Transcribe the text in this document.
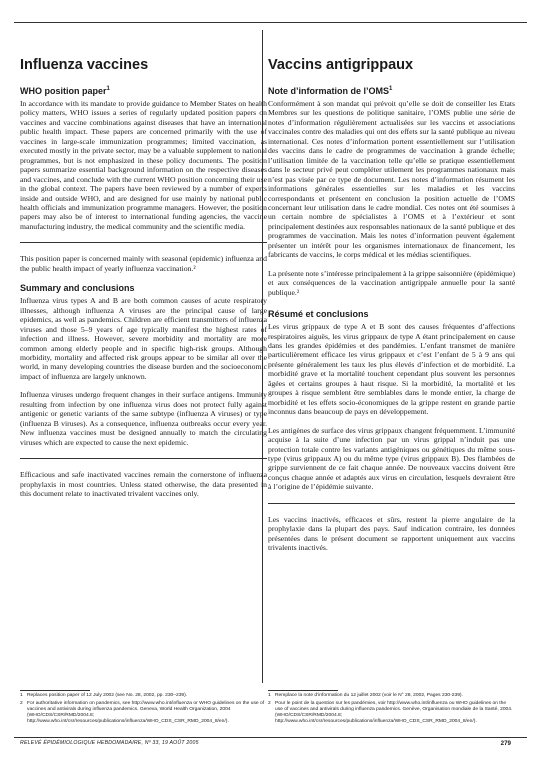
Influenza vaccines
WHO position paper$^1$

In accordance with its mandate to provide guidance to Member States on health policy matters, WHO issues a series of regularly updated position papers on vaccines and vaccine combinations against diseases that have an international public health impact. These papers are concerned primarily with the use of vaccines in large-scale immunization programmes; limited vaccination, as executed mostly in the private sector, may be a valuable supplement to national programmes, but is not emphasized in these policy documents. The position papers summarize essential background information on the respective diseases and vaccines, and conclude with the current WHO position concerning their use in the global context. The papers have been reviewed by a number of experts inside and outside WHO, and are designed for use mainly by national public health officials and immunization programme managers. However, the position papers may also be of interest to international funding agencies, the vaccine manufacturing industry, the medical community and the scientific media.

This position paper is concerned mainly with seasonal (epidemic) influenza and the public health impact of yearly influenza vaccination.²

Summary and conclusions

Influenza virus types A and B are both common causes of acute respiratory illnesses, although influenza A viruses are the principal cause of large epidemics, as well as pandemics. Children are efficient transmitters of influenza viruses and those 5–9 years of age typically manifest the highest rates of infection and illness. However, severe morbidity and mortality are more common among elderly people and in specific high-risk groups. Although morbidity, mortality and affected risk groups appear to be similar all over the world, in many developing countries the disease burden and the socioeconomic impact of influenza are largely unknown.

Influenza viruses undergo frequent changes in their surface antigens. Immunity resulting from infection by one influenza virus does not protect fully against antigenic or genetic variants of the same subtype (influenza A viruses) or type (influenza B viruses). As a consequence, influenza outbreaks occur every year. New influenza vaccines must be designed annually to match the circulating viruses which are expected to cause the next epidemic.

Efficacious and safe inactivated vaccines remain the cornerstone of influenza prophylaxis in most countries. Unless stated otherwise, the data presented in this document relate to inactivated trivalent vaccines only.

Vaccins antigrippaux
Note d’information de l’OMS$^1$

Conformément à son mandat qui prévoit qu’elle se doit de conseiller les Etats Membres sur les questions de politique sanitaire, l’OMS publie une série de notes d’information régulièrement actualisées sur les vaccins et associations vaccinales contre des maladies qui ont des effets sur la santé publique au niveau international. Ces notes d’information portent essentiellement sur l’utilisation des vaccins dans le cadre de programmes de vaccination à grande échelle; l’utilisation limitée de la vaccination telle qu’elle se pratique essentiellement dans le secteur privé peut compléter utilement les programmes nationaux mais n’est pas visée par ce type de document. Les notes d’information résument les informations générales essentielles sur les maladies et les vaccins correspondants et présentent en conclusion la position actuelle de l’OMS concernant leur utilisation dans le cadre mondial. Ces notes ont été soumises à un certain nombre de spécialistes à l’OMS et à l’extérieur et sont principalement destinées aux responsables nationaux de la santé publique et des programmes de vaccination. Mais les notes d’information peuvent également présenter un intérêt pour les organismes internationaux de financement, les fabricants de vaccins, le corps médical et les médias scientifiques.

La présente note s’intéresse principalement à la grippe saisonnière (épidémique) et aux conséquences de la vaccination antigrippale annuelle pour la santé publique.²

Résumé et conclusions

Les virus grippaux de type A et B sont des causes fréquentes d’affections respiratoires aiguës, les virus grippaux de type A étant principalement en cause dans les grandes épidémies et des pandémies. L’enfant transmet de manière particulièrement efficace les virus grippaux et c’est l’enfant de 5 à 9 ans qui présente généralement les taux les plus élevés d’infection et de morbidité. La morbidité grave et la mortalité touchent cependant plus souvent les personnes âgées et certains groupes à haut risque. Si la morbidité, la mortalité et les groupes à risque semblent être semblables dans le monde entier, la charge de morbidité et les effets socio-économiques de la grippe restent en grande partie inconnus dans beaucoup de pays en développement.

Les antigènes de surface des virus grippaux changent fréquemment. L’immunité acquise à la suite d’une infection par un virus grippal n’induit pas une protection totale contre les variants antigéniques ou génétiques du même sous-type (virus grippaux A) ou du même type (virus grippaux B). Des flambées de grippe surviennent de ce fait chaque année. De nouveaux vaccins doivent être conçus chaque année et adaptés aux virus en circulation, lesquels devraient être à l’origine de l’épidémie suivante.

Les vaccins inactivés, efficaces et sûrs, restent la pierre angulaire de la prophylaxie dans la plupart des pays. Sauf indication contraire, les données présentées dans le présent document se rapportent uniquement aux vaccins trivalents inactivés.

1 Replaces position paper of 12 July 2002 (see No. 28, 2002, pp. 230–239).
2 For authoritative information on pandemics, see http://www.who.int/influenza or WHO guidelines on the use of vaccines and antivirals during influenza pandemics. Geneva, World Health Organization, 2004 (WHO/CDS/CSR/RMD/2004.8; http://www.who.int/csr/resources/publications/influenza/WHO_CDS_CSR_RMD_2004_8/en/).
1 Remplace la note d’information du 12 juillet 2002 (voir le N° 28, 2002, Pages 230-239).
2 Pour le point de la question sur les pandémies, voir http://www.who.int/influenza ou WHO guidelines on the use of vaccines and antivirals during influenza pandemics. Genève, Organisation mondiale de la Santé, 2004. (WHO/CDS/CSR/RMD/2004.8; http://www.who.int/csr/resources/publications/influenza/WHO_CDS_CSR_RMD_2004_8/en/).
RELEVÉ ÉPIDÉMIOLOGIQUE HEBDOMADAIRE, Nº 33, 19 AOÛT 2005	279
